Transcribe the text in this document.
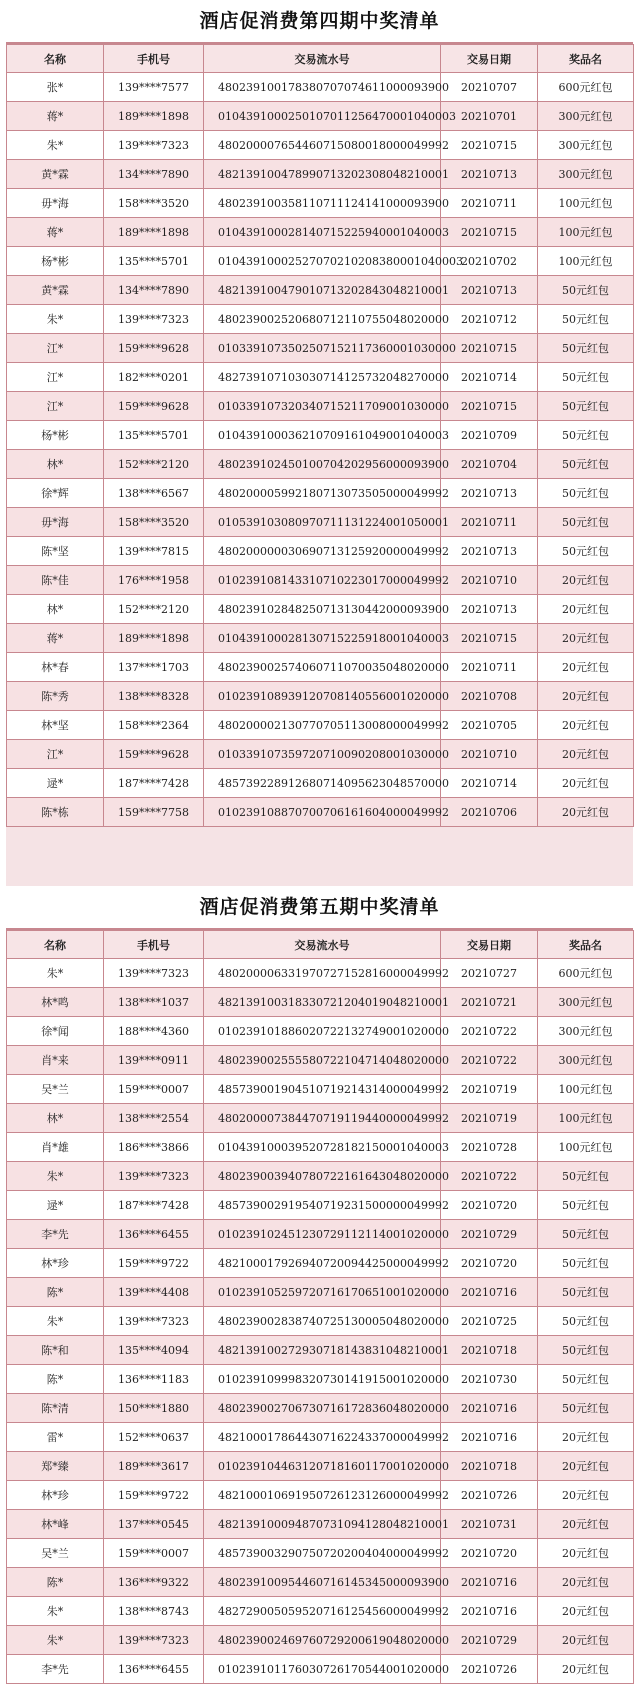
酒店促消费第四期中奖清单
名称	手机号	交易流水号	交易日期	奖品名
张*	139****7577	48023910 0178380707074611000093900	20210707	600元红包
蒋*	189****1898	01043910 00250107011256470001040003	20210701	300元红包
朱*	139****7323	48020000 7654460715080018000049992	20210715	300元红包
黄*霖	134****7890	48213910 0478990713202308048210001	20210713	300元红包
毋*海	158****3520	48023910 0358110711124141000093900	20210711	100元红包
蒋*	189****1898	01043910 0028140715225940001040003	20210715	100元红包
杨*彬	135****5701	01043910 002527070210208380001040003	20210702	100元红包
黄*霖	134****7890	48213910 0479010713202843048210001	20210713	50元红包
朱*	139****7323	48023900 2520680712110755048020000	20210712	50元红包
江*	159****9628	01033910 73502507152117360001030000	20210715	50元红包
江*	182****0201	48273910 7103030714125732048270000	20210714	50元红包
江*	159****9628	01033910 7320340715211709001030000	20210715	50元红包
杨*彬	135****5701	01043910 0036210709161049001040003	20210709	50元红包
林*	152****2120	48023910 2450100704202956000093900	20210704	50元红包
徐*辉	138****6567	48020000 5992180713073505000049992	20210713	50元红包
毋*海	158****3520	01053910 3080970711131224001050001	20210711	50元红包
陈*坚	139****7815	48020000 0030690713125920000049992	20210713	50元红包
陈*佳	176****1958	01023910 8143310710223017000049992	20210710	20元红包
林*	152****2120	48023910 2848250713130442000093900	20210713	20元红包
蒋*	189****1898	01043910 0028130715225918001040003	20210715	20元红包
林*春	137****1703	48023900 2574060711070035048020000	20210711	20元红包
陈*秀	138****8328	01023910 8939120708140556001020000	20210708	20元红包
林*坚	158****2364	48020000 2130770705113008000049992	20210705	20元红包
江*	159****9628	01033910 7359720710090208001030000	20210710	20元红包
逯*	187****7428	48573922 8912680714095623048570000	20210714	20元红包
陈*栋	159****7758	01023910 8870700706161604000049992	20210706	20元红包
酒店促消费第五期中奖清单
名称	手机号	交易流水号	交易日期	奖品名
朱*	139****7323	48020000 6331970727152816000049992	20210727	600元红包
林*鸣	138****1037	48213910 0318330721204019048210001	20210721	300元红包
徐*闻	188****4360	01023910 1886020722132749001020000	20210722	300元红包
肖*来	139****0911	48023900 2555580722104714048020000	20210722	300元红包
吴*兰	159****0007	48573900 1904510719214314000049992	20210719	100元红包
林*	138****2554	48020000 7384470719119440000049992	20210719	100元红包
肖*雄	186****3866	01043910 0039520728182150001040003	20210728	100元红包
朱*	139****7323	48023900 3940780722161643048020000	20210722	50元红包
逯*	187****7428	48573900 2919540719231500000049992	20210720	50元红包
李*先	136****6455	01023910 2451230729112114001020000	20210729	50元红包
林*珍	159****9722	48210001 7926940720094425000049992	20210720	50元红包
陈*	139****4408	01023910 5259720716170651001020000	20210716	50元红包
朱*	139****7323	48023900 2838740725130005048020000	20210725	50元红包
陈*和	135****4094	48213910 0272930718143831048210001	20210718	50元红包
陈*	136****1183	01023910 9998320730141915001020000	20210730	50元红包
陈*清	150****1880	48023900 2706730716172836048020000	20210716	50元红包
雷*	152****0637	48210001 7864430716224337000049992	20210716	20元红包
郑*臻	189****3617	01023910 4463120718160117001020000	20210718	20元红包
林*珍	159****9722	48210001 0691950726123126000049992	20210726	20元红包
林*峰	137****0545	48213910 0094870731094128048210001	20210731	20元红包
吴*兰	159****0007	48573900 3290750720200404000049992	20210720	20元红包
陈*	136****9322	48023910 0954460716145345000093900	20210716	20元红包
朱*	138****8743	48272900 5059520716125456000049992	20210716	20元红包
朱*	139****7323	48023900 2469760729200619048020000	20210729	20元红包
李*先	136****6455	01023910 1176030726170544001020000	20210726	20元红包
